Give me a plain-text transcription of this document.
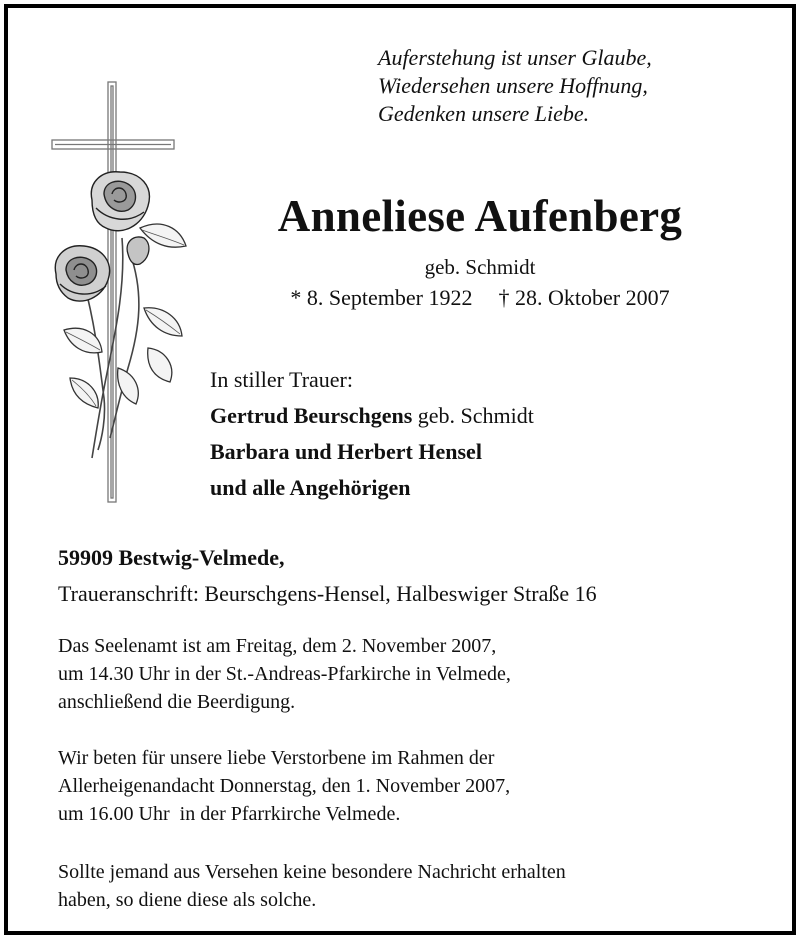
Auferstehung ist unser Glaube,
Wiedersehen unsere Hoffnung,
Gedenken unsere Liebe.
Anneliese Aufenberg
geb. Schmidt
* 8. September 1922 † 28. Oktober 2007
In stiller Trauer:
Gertrud Beurschgens geb. Schmidt
Barbara und Herbert Hensel
und alle Angehörigen
59909 Bestwig-Velmede,
Traueranschrift: Beurschgens-Hensel, Halbeswiger Straße 16
Das Seelenamt ist am Freitag, dem 2. November 2007,
um 14.30 Uhr in der St.-Andreas-Pfarkirche in Velmede,
anschließend die Beerdigung.
Wir beten für unsere liebe Verstorbene im Rahmen der
Allerheigenandacht Donnerstag, den 1. November 2007,
um 16.00 Uhr  in der Pfarrkirche Velmede.
Sollte jemand aus Versehen keine besondere Nachricht erhalten
haben, so diene diese als solche.
